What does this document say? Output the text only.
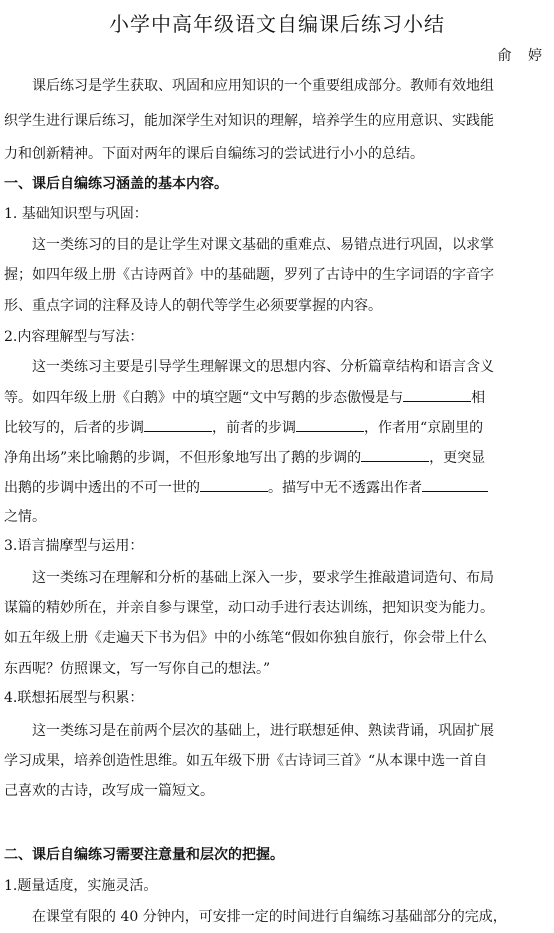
小学中高年级语文自编课后练习小结
俞 婷
课后练习是学生获取、巩固和应用知识的一个重要组成部分。教师有效地组
织学生进行课后练习，能加深学生对知识的理解，培养学生的应用意识、实践能
力和创新精神。下面对两年的课后自编练习的尝试进行小小的总结。
一、课后自编练习涵盖的基本内容。
1. 基础知识型与巩固：
这一类练习的目的是让学生对课文基础的重难点、易错点进行巩固，以求掌
握；如四年级上册《古诗两首》中的基础题，罗列了古诗中的生字词语的字音字
形、重点字词的注释及诗人的朝代等学生必须要掌握的内容。
2.内容理解型与写法：
这一类练习主要是引导学生理解课文的思想内容、分析篇章结构和语言含义
等。如四年级上册《白鹅》中的填空题“文中写鹅的步态傲慢是与	相
比较写的，后者的步调	，前者的步调	，作者用“京剧里的
净角出场”来比喻鹅的步调，不但形象地写出了鹅的步调的	，更突显
出鹅的步调中透出的不可一世的	。描写中无不透露出作者
之情。
3.语言揣摩型与运用：
这一类练习在理解和分析的基础上深入一步，要求学生推敲遣词造句、布局
谋篇的精妙所在，并亲自参与课堂，动口动手进行表达训练，把知识变为能力。
如五年级上册《走遍天下书为侣》中的小练笔“假如你独自旅行，你会带上什么
东西呢？仿照课文，写一写你自己的想法。”
4.联想拓展型与积累：
这一类练习是在前两个层次的基础上，进行联想延伸、熟读背诵，巩固扩展
学习成果，培养创造性思维。如五年级下册《古诗词三首》“从本课中选一首自
己喜欢的古诗，改写成一篇短文。
二、课后自编练习需要注意量和层次的把握。
1.题量适度，实施灵活。
在课堂有限的 40 分钟内，可安排一定的时间进行自编练习基础部分的完成，
